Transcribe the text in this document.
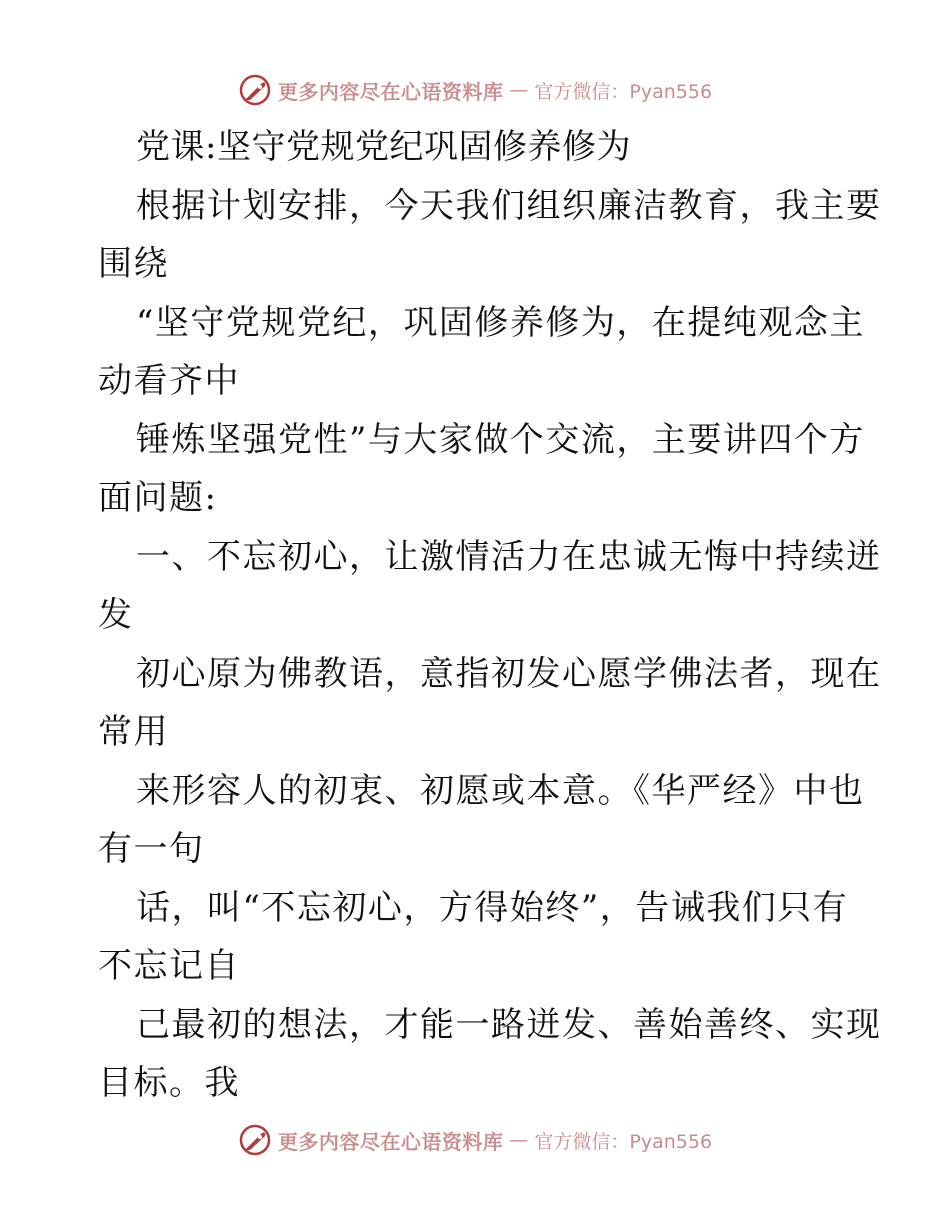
更多内容尽在心语资料库 — 官方微信：Pyan556
党课:坚守党规党纪巩固修养修为
根据计划安排，今天我们组织廉洁教育，我主要
围绕
“坚守党规党纪，巩固修养修为，在提纯观念主
动看齐中
锤炼坚强党性”与大家做个交流，主要讲四个方
面问题:
一、不忘初心，让激情活力在忠诚无悔中持续迸
发
初心原为佛教语，意指初发心愿学佛法者，现在
常用
来形容人的初衷、初愿或本意。《华严经》中也
有一句
话，叫“不忘初心，方得始终”，告诫我们只有
不忘记自
己最初的想法，才能一路迸发、善始善终、实现
目标。我
更多内容尽在心语资料库 — 官方微信：Pyan556
